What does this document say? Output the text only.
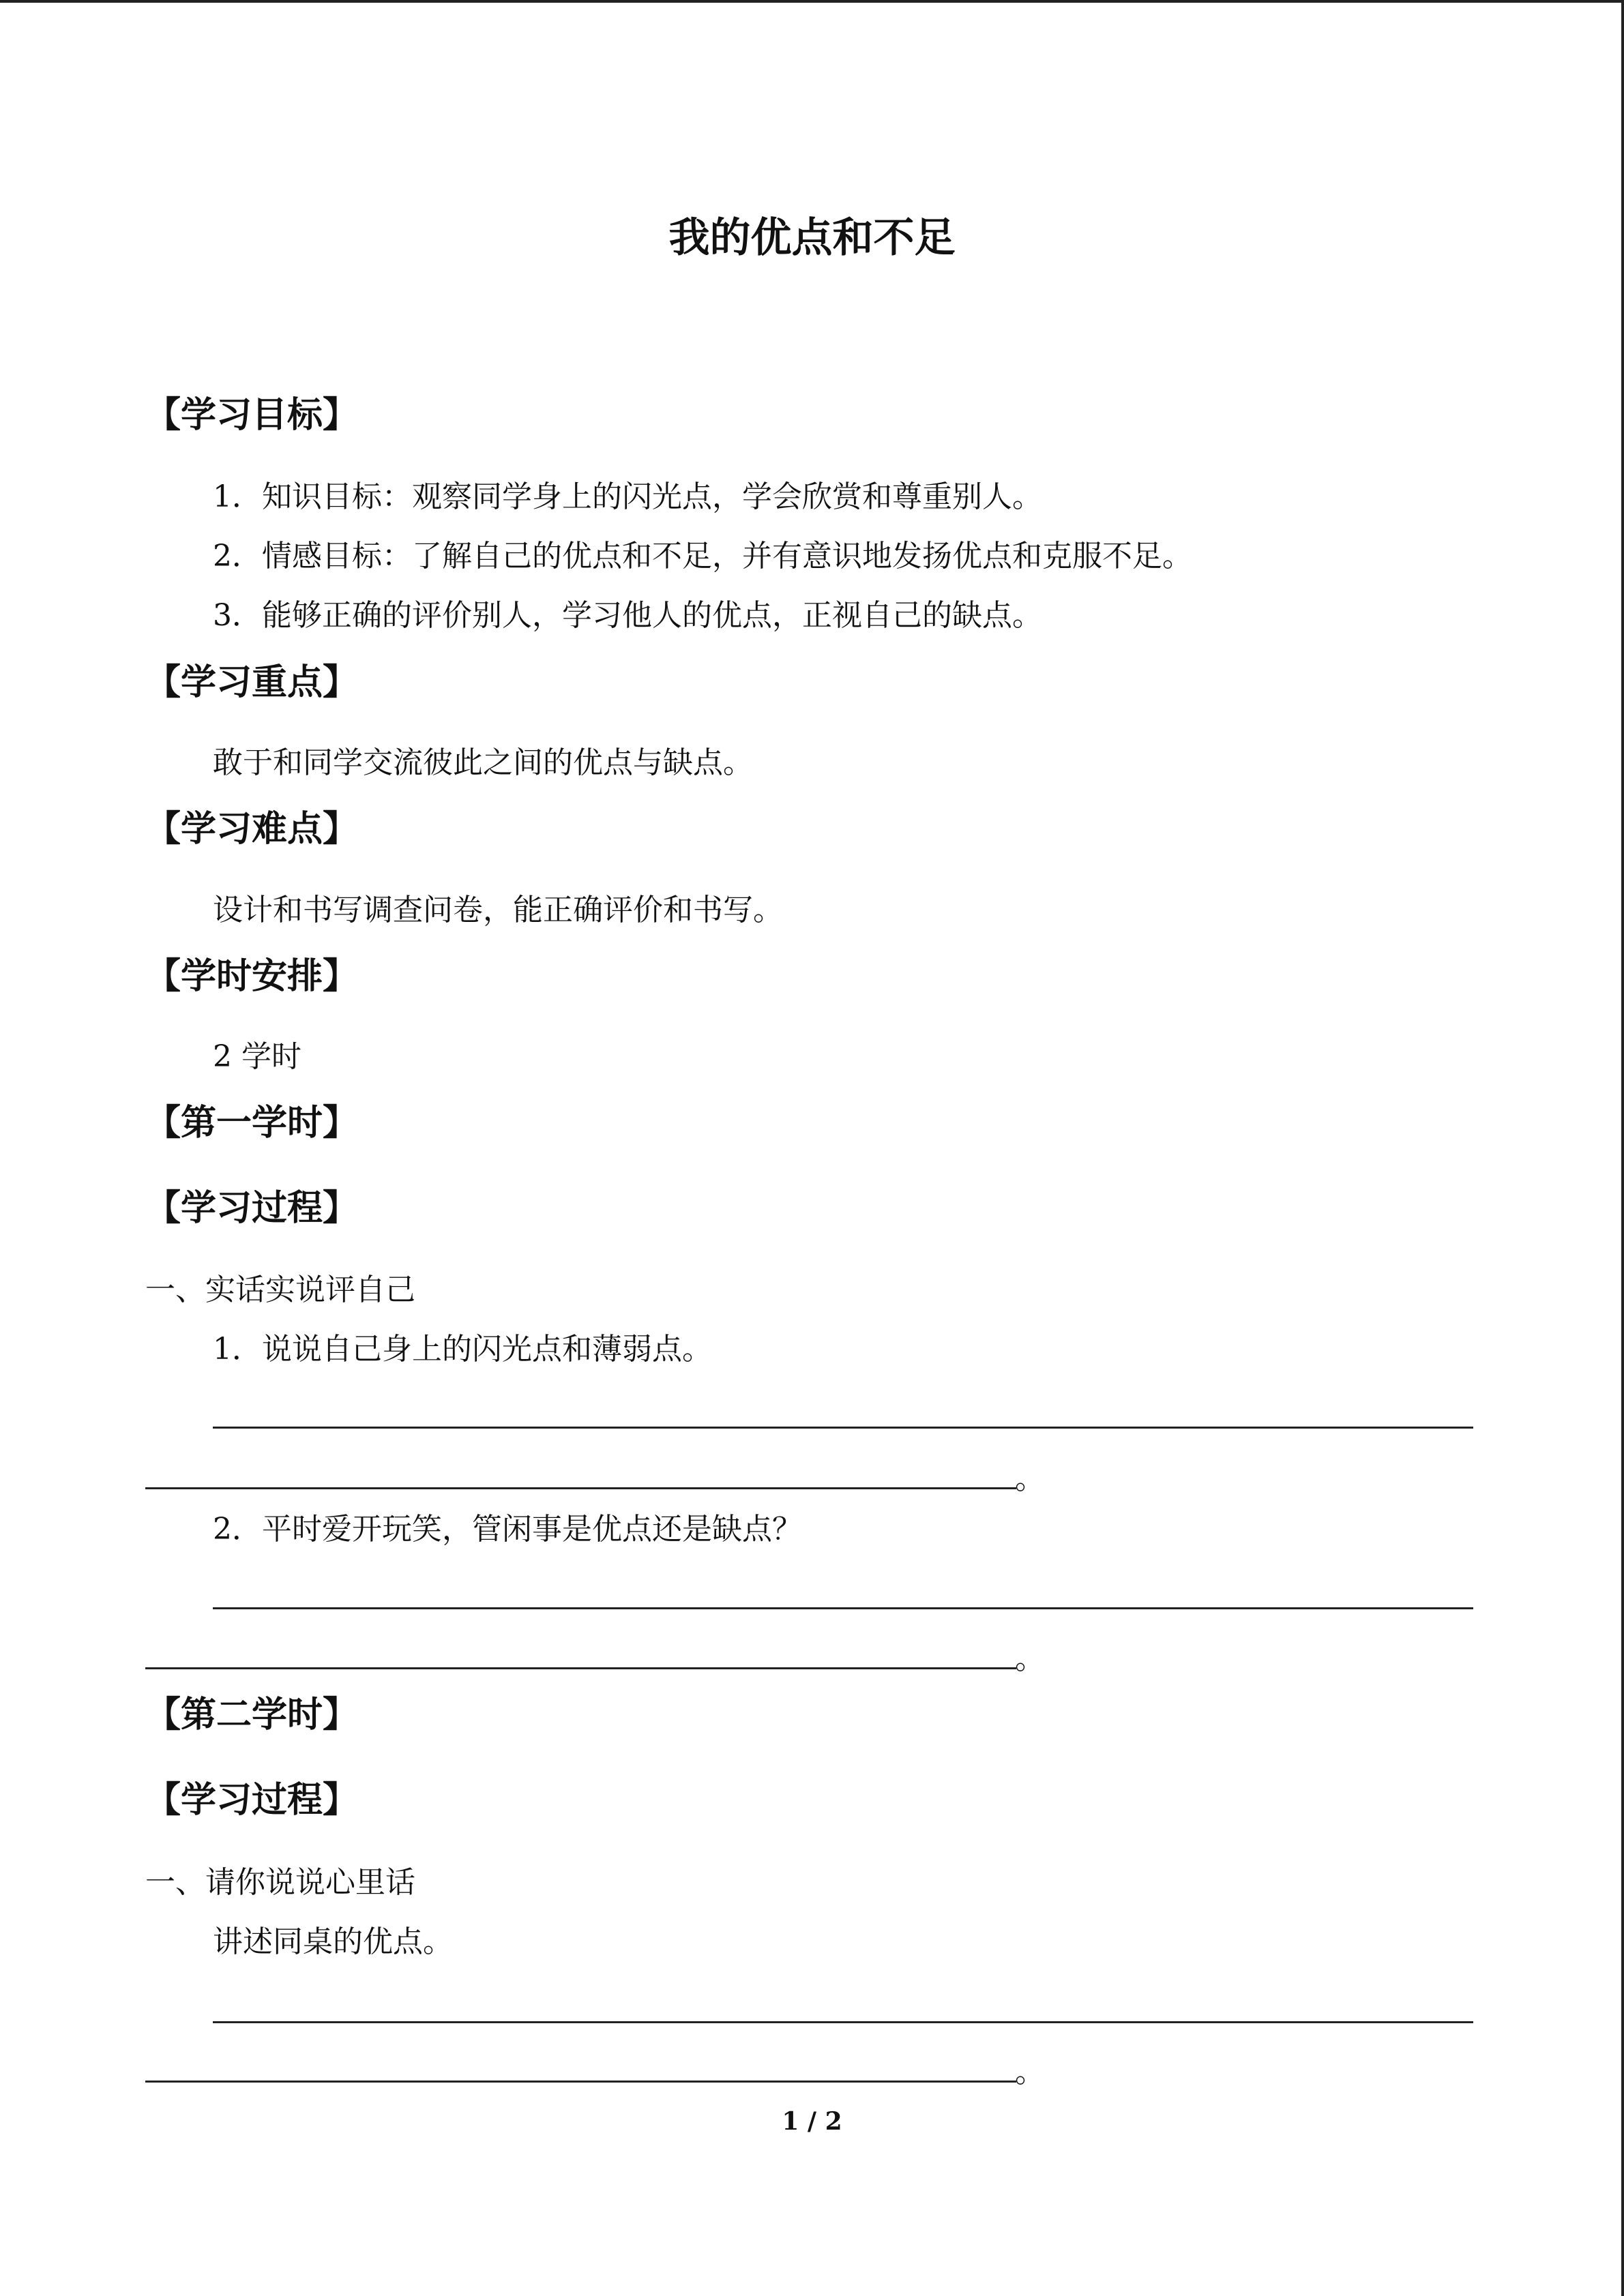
我的优点和不足
【学习目标】
1．知识目标：观察同学身上的闪光点，学会欣赏和尊重别人。
2．情感目标：了解自己的优点和不足，并有意识地发扬优点和克服不足。
3．能够正确的评价别人，学习他人的优点，正视自己的缺点。
【学习重点】
敢于和同学交流彼此之间的优点与缺点。
【学习难点】
设计和书写调查问卷，能正确评价和书写。
【学时安排】
2 学时
【第一学时】
【学习过程】
一、实话实说评自己
1．说说自己身上的闪光点和薄弱点。
。
2．平时爱开玩笑，管闲事是优点还是缺点？
。
【第二学时】
【学习过程】
一、请你说说心里话
讲述同桌的优点。
。
1 / 2
